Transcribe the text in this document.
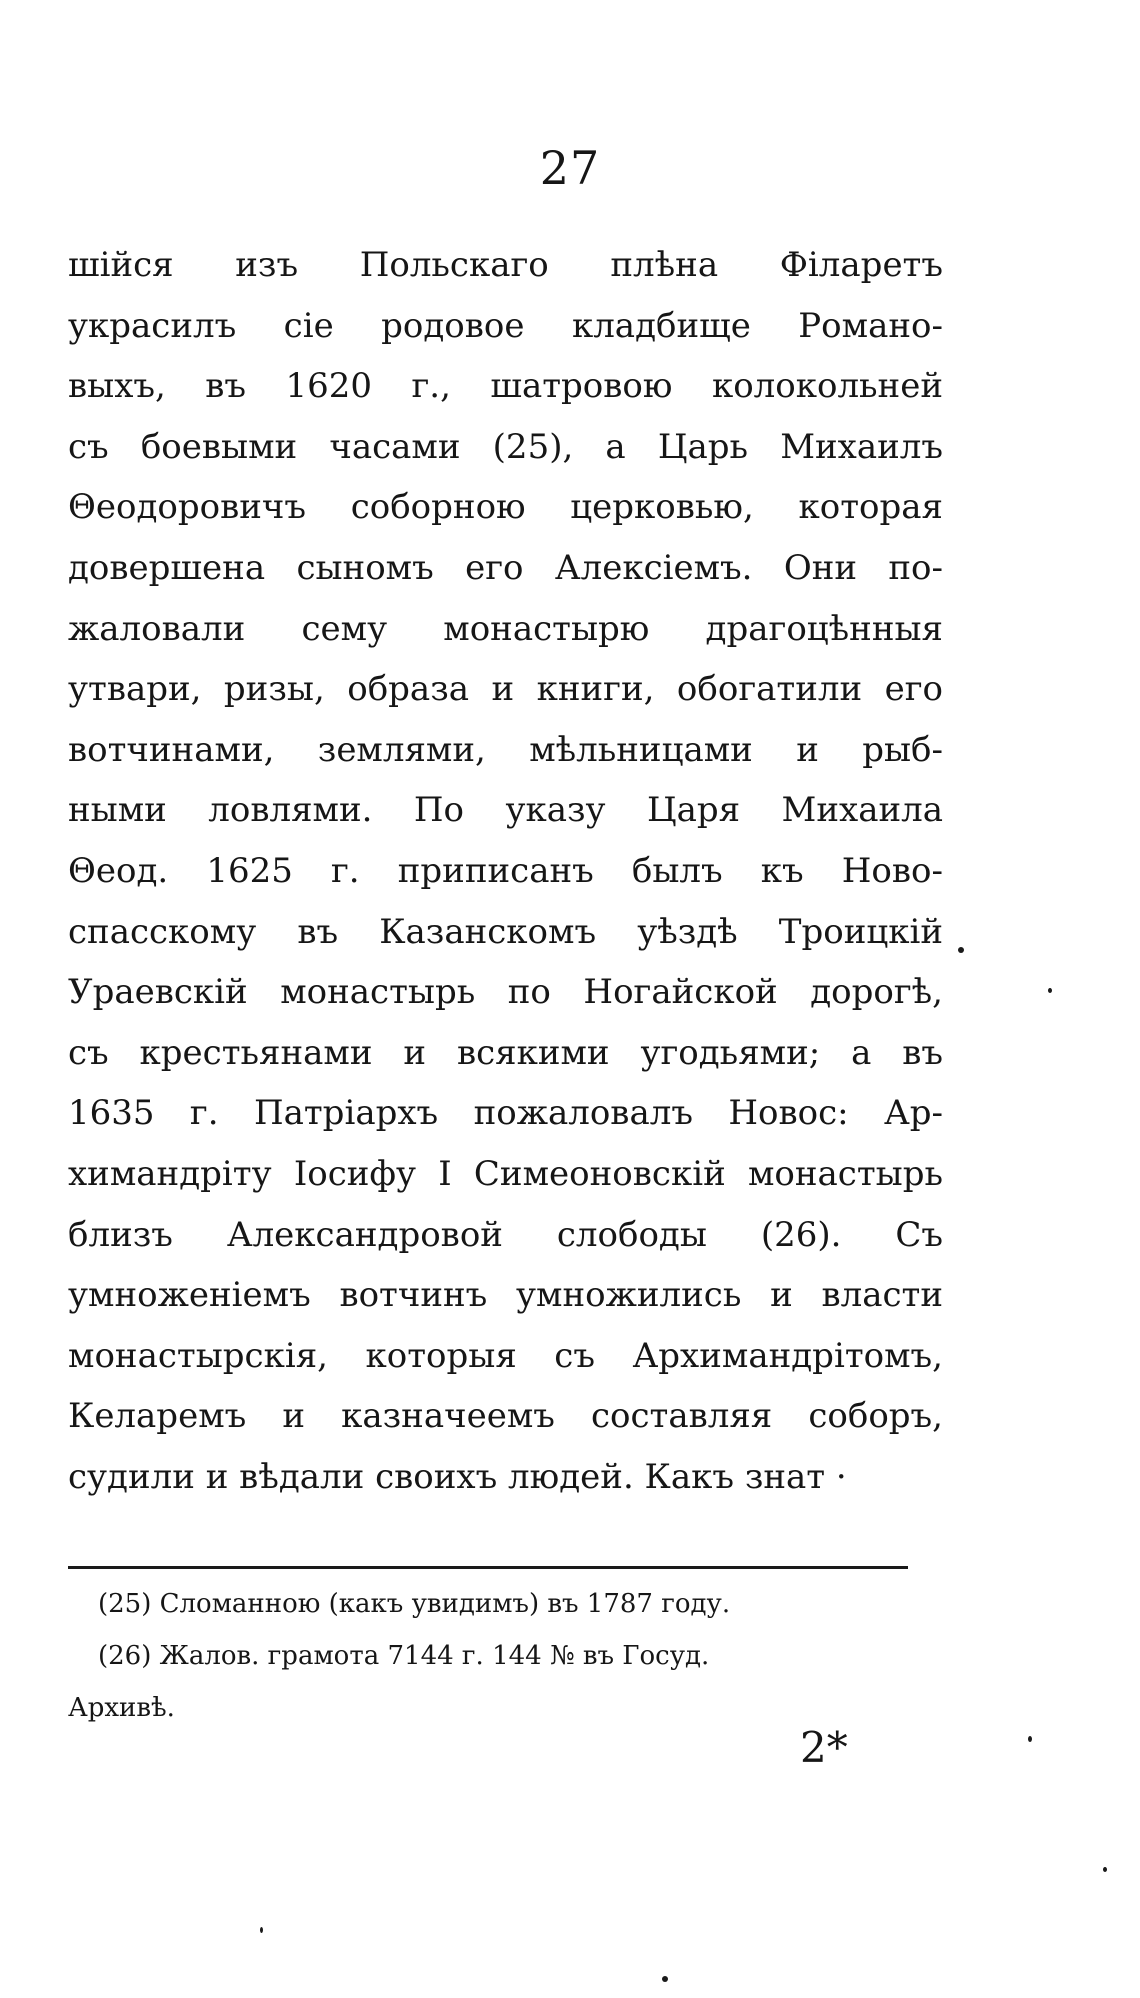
27
шійся изъ Польскаго плѣна Філаретъ
украсилъ сіе родовое кладбище Романо-
выхъ, въ 1620 г., шатровою колокольней
съ боевыми часами (25), а Царь Михаилъ
Θеодоровичъ соборною церковью, которая
довершена сыномъ его Алексіемъ. Они по-
жаловали сему монастырю драгоцѣнныя
утвари, ризы, образа и книги, обогатили его
вотчинами, землями, мѣльницами и рыб-
ными ловлями. По указу Царя Михаила
Θеод. 1625 г. приписанъ былъ къ Ново-
спасскому въ Казанскомъ уѣздѣ Троицкій
Ураевскій монастырь по Ногайской дорогѣ,
съ крестьянами и всякими угодьями; а въ
1635 г. Патріархъ пожаловалъ Новос: Ар-
химандріту Іосифу I Симеоновскій монастырь
близъ Александровой слободы (26). Съ
умноженіемъ вотчинъ умножились и власти
монастырскія, которыя съ Архимандрітомъ,
Келаремъ и казначеемъ составляя соборъ,
судили и вѣдали своихъ людей. Какъ знат ·
(25) Сломанною (какъ увидимъ) въ 1787 году.
(26) Жалов. грамота 7144 г. 144 № въ Госуд.
Архивѣ.
2*
